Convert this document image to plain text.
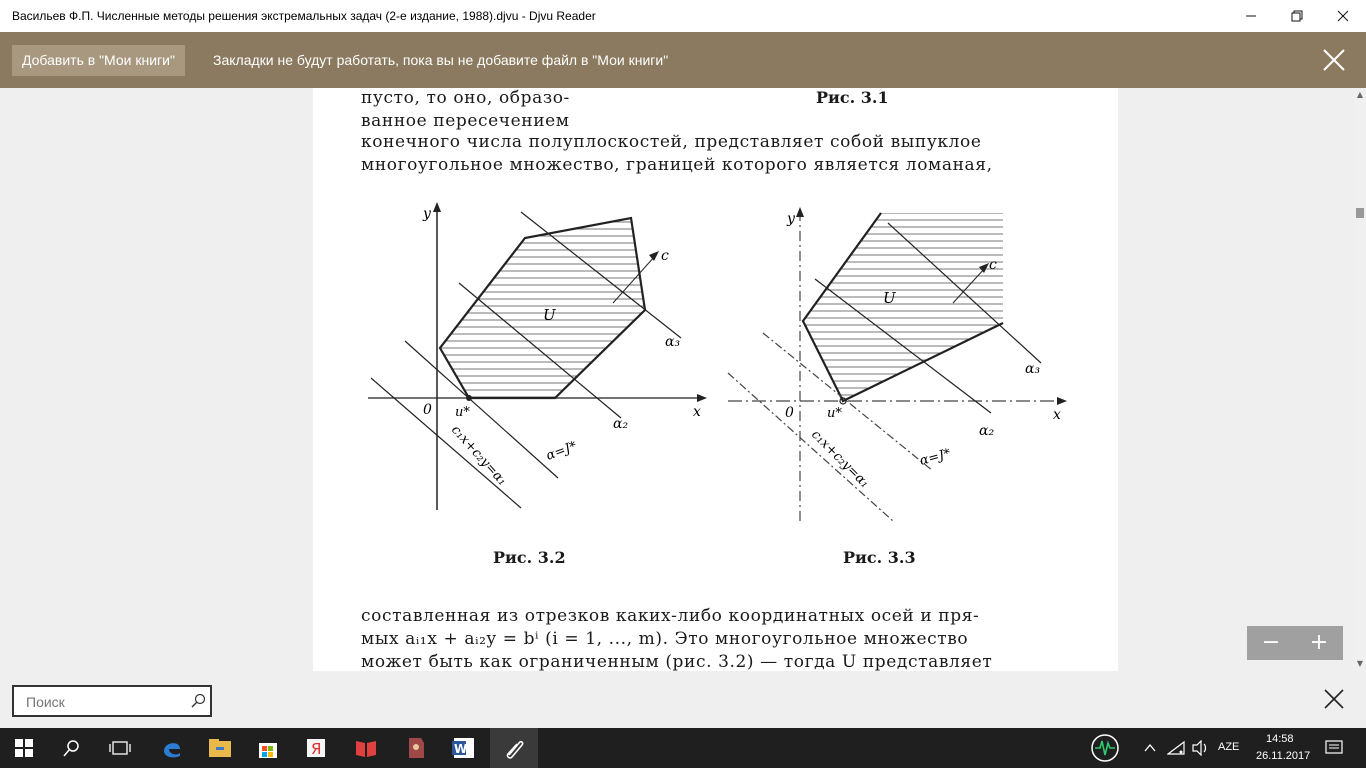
Васильев Ф.П. Численные методы решения экстремальных задач (2-е издание, 1988).djvu - Djvu Reader
Добавить в "Мои книги"	Закладки не будут работать, пока вы не добавите файл в "Мои книги"
пусто, то оно, образо-
ванное пересечением
Рис. 3.1
конечного числа полуплоскостей, представляет собой выпуклое
многоугольное множество, границей которого является ломаная,
y
x
0 u*
U
c
α₃
α₂
α=J*
c₁x+c₂y=α₁
Рис. 3.2
y
x
0	u*
U
c
α₃
α₂
α=J*
c₁x+c₂y=α₁
Рис. 3.3
составленная из отрезков каких-либо координатных осей и пря-
мых aᵢ₁x + aᵢ₂y = bⁱ (i = 1, ..., m). Это многоугольное множество
может быть как ограниченным (рис. 3.2) — тогда U представляет
▲
▼
−	+
Поиск
Я	W	AZE
14:58
26.11.2017
